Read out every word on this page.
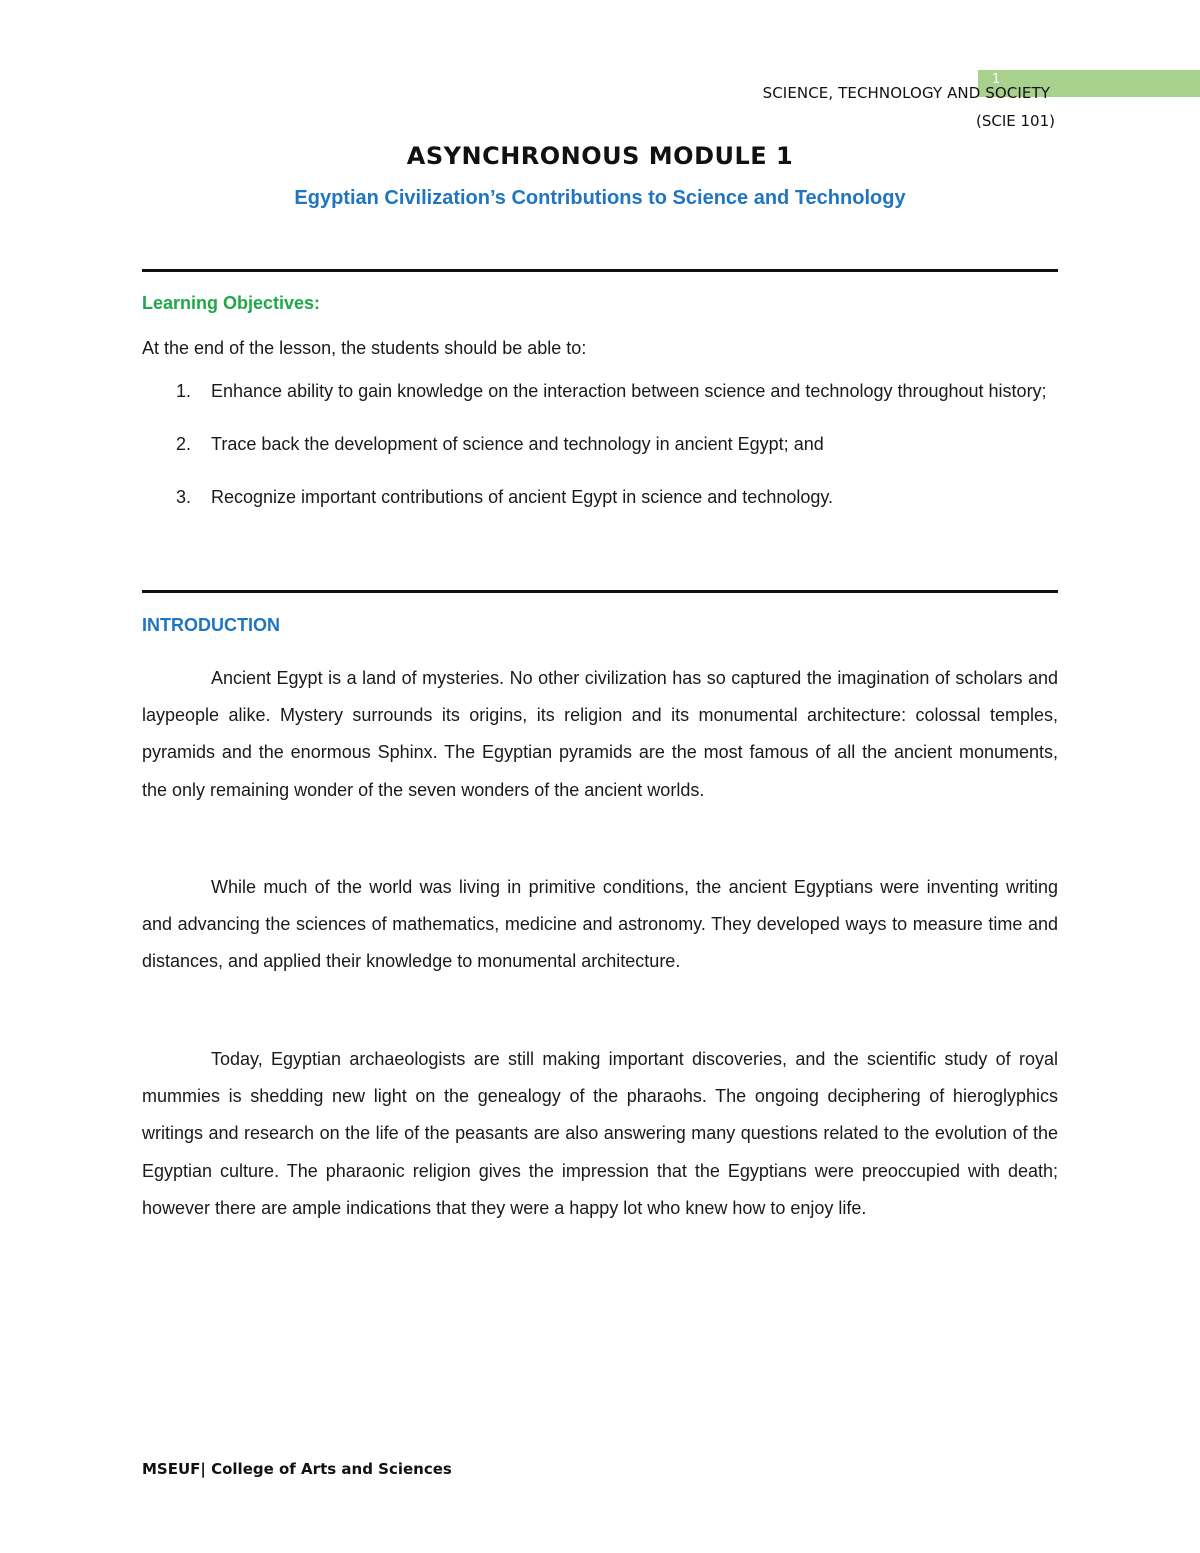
1
SCIENCE, TECHNOLOGY AND SOCIETY
(SCIE 101)
ASYNCHRONOUS MODULE 1
Egyptian Civilization’s Contributions to Science and Technology
Learning Objectives:
At the end of the lesson, the students should be able to:
1. Enhance ability to gain knowledge on the interaction between science and technology throughout history;
2. Trace back the development of science and technology in ancient Egypt; and
3. Recognize important contributions of ancient Egypt in science and technology.
INTRODUCTION

Ancient Egypt is a land of mysteries. No other civilization has so captured the imagination of scholars and laypeople alike. Mystery surrounds its origins, its religion and its monumental architecture: colossal temples, pyramids and the enormous Sphinx. The Egyptian pyramids are the most famous of all the ancient monuments, the only remaining wonder of the seven wonders of the ancient worlds.

While much of the world was living in primitive conditions, the ancient Egyptians were inventing writing and advancing the sciences of mathematics, medicine and astronomy. They developed ways to measure time and distances, and applied their knowledge to monumental architecture.

Today, Egyptian archaeologists are still making important discoveries, and the scientific study of royal mummies is shedding new light on the genealogy of the pharaohs. The ongoing deciphering of hieroglyphics writings and research on the life of the peasants are also answering many questions related to the evolution of the Egyptian culture. The pharaonic religion gives the impression that the Egyptians were preoccupied with death; however there are ample indications that they were a happy lot who knew how to enjoy life.

MSEUF| College of Arts and Sciences
